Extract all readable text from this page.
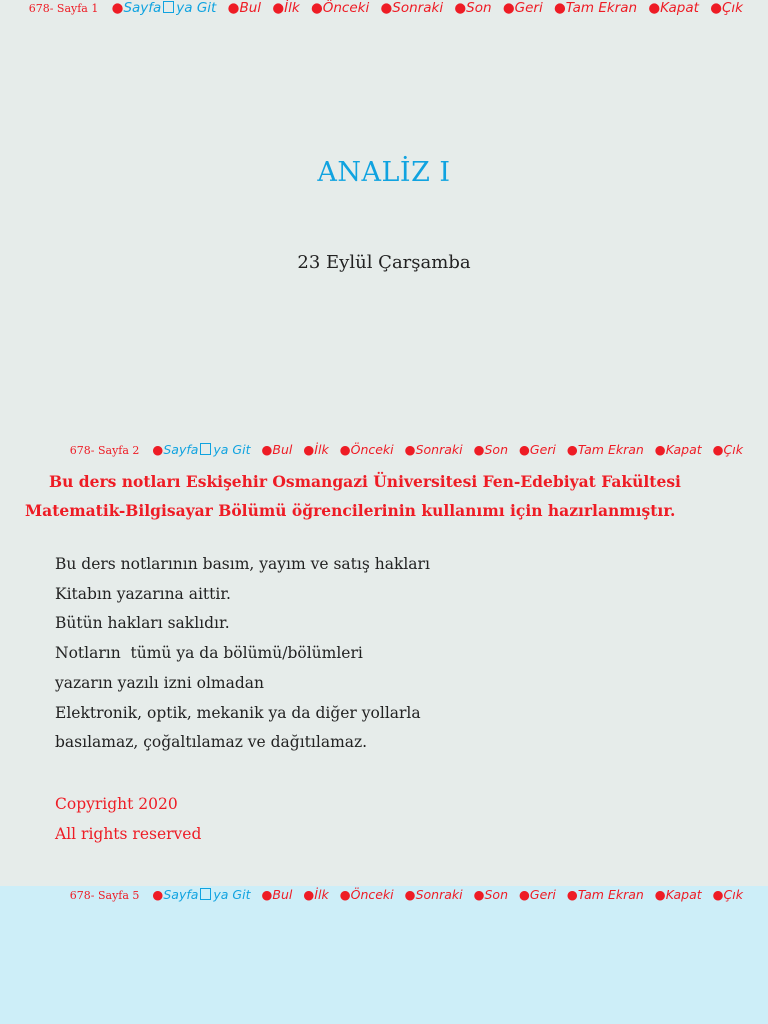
678- Sayfa 1 ●Sayfa ya Git ●Bul ●İlk ●Önceki ●Sonraki ●Son ●Geri ●Tam Ekran ●Kapat ●Çık
ANALİZ I
23 Eylül Çarşamba
678- Sayfa 2 ●Sayfa ya Git ●Bul ●İlk ●Önceki ●Sonraki ●Son ●Geri ●Tam Ekran ●Kapat ●Çık
Bu ders notları Eskişehir Osmangazi Üniversitesi Fen-Edebiyat Fakültesi Matematik-Bilgisayar Bölümü öğrencilerinin kullanımı için hazırlanmıştır.
Bu ders notlarının basım, yayım ve satış hakları
Kitabın yazarına aittir.
Bütün hakları saklıdır.
Notların  tümü ya da bölümü/bölümleri
yazarın yazılı izni olmadan
Elektronik, optik, mekanik ya da diğer yollarla
basılamaz, çoğaltılamaz ve dağıtılamaz.
Copyright 2020
All rights reserved
678- Sayfa 5 ●Sayfa ya Git ●Bul ●İlk ●Önceki ●Sonraki ●Son ●Geri ●Tam Ekran ●Kapat ●Çık
